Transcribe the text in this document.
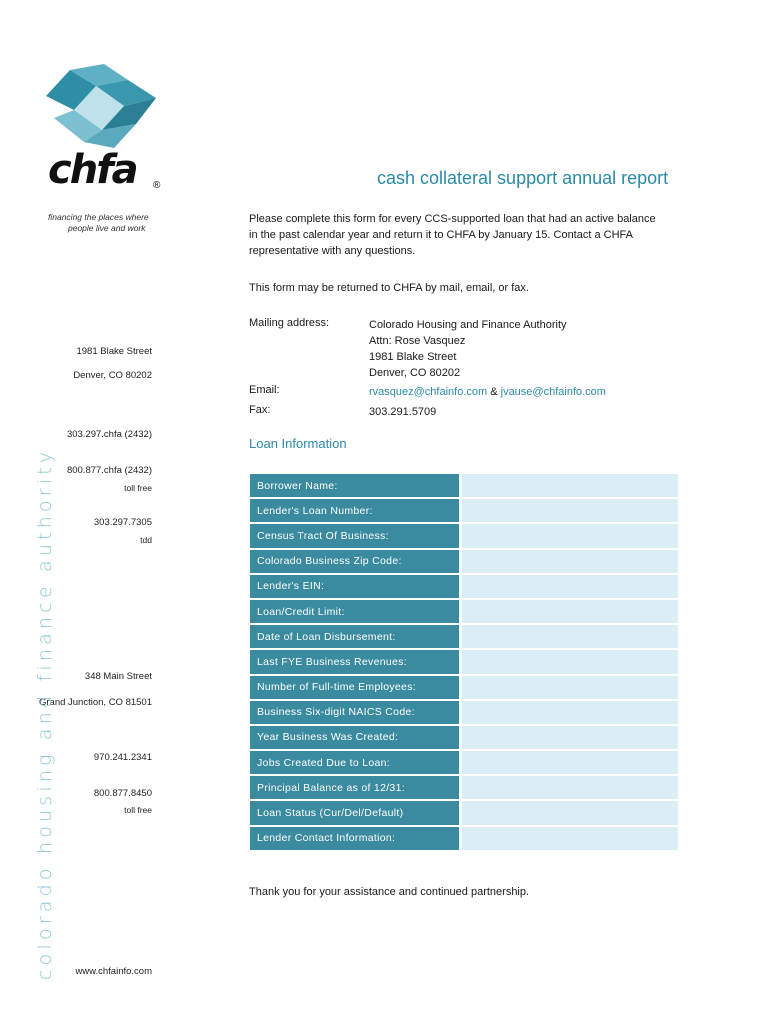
chfa ®
financing the places where
people live and work
1981 Blake Street
Denver, CO 80202
303.297.chfa (2432)
800.877.chfa (2432)
toll free
303.297.7305
tdd
348 Main Street
Grand Junction, CO 81501
970.241.2341
800.877.8450
toll free
www.chfainfo.com
colorado housing and finance authority
cash collateral support annual report
Please complete this form for every CCS-supported loan that had an active balance
in the past calendar year and return it to CHFA by January 15. Contact a CHFA
representative with any questions.
This form may be returned to CHFA by mail, email, or fax.
Mailing address:	Colorado Housing and Finance Authority
Attn: Rose Vasquez
1981 Blake Street
Denver, CO 80202
Email:	rvasquez@chfainfo.com & jvause@chfainfo.com
Fax:	303.291.5709
Loan Information
Borrower Name:
Lender's Loan Number:
Census Tract Of Business:
Colorado Business Zip Code:
Lender's EIN:
Loan/Credit Limit:
Date of Loan Disbursement:
Last FYE Business Revenues:
Number of Full-time Employees:
Business Six-digit NAICS Code:
Year Business Was Created:
Jobs Created Due to Loan:
Principal Balance as of 12/31:
Loan Status (Cur/Del/Default)
Lender Contact Information:
Thank you for your assistance and continued partnership.
